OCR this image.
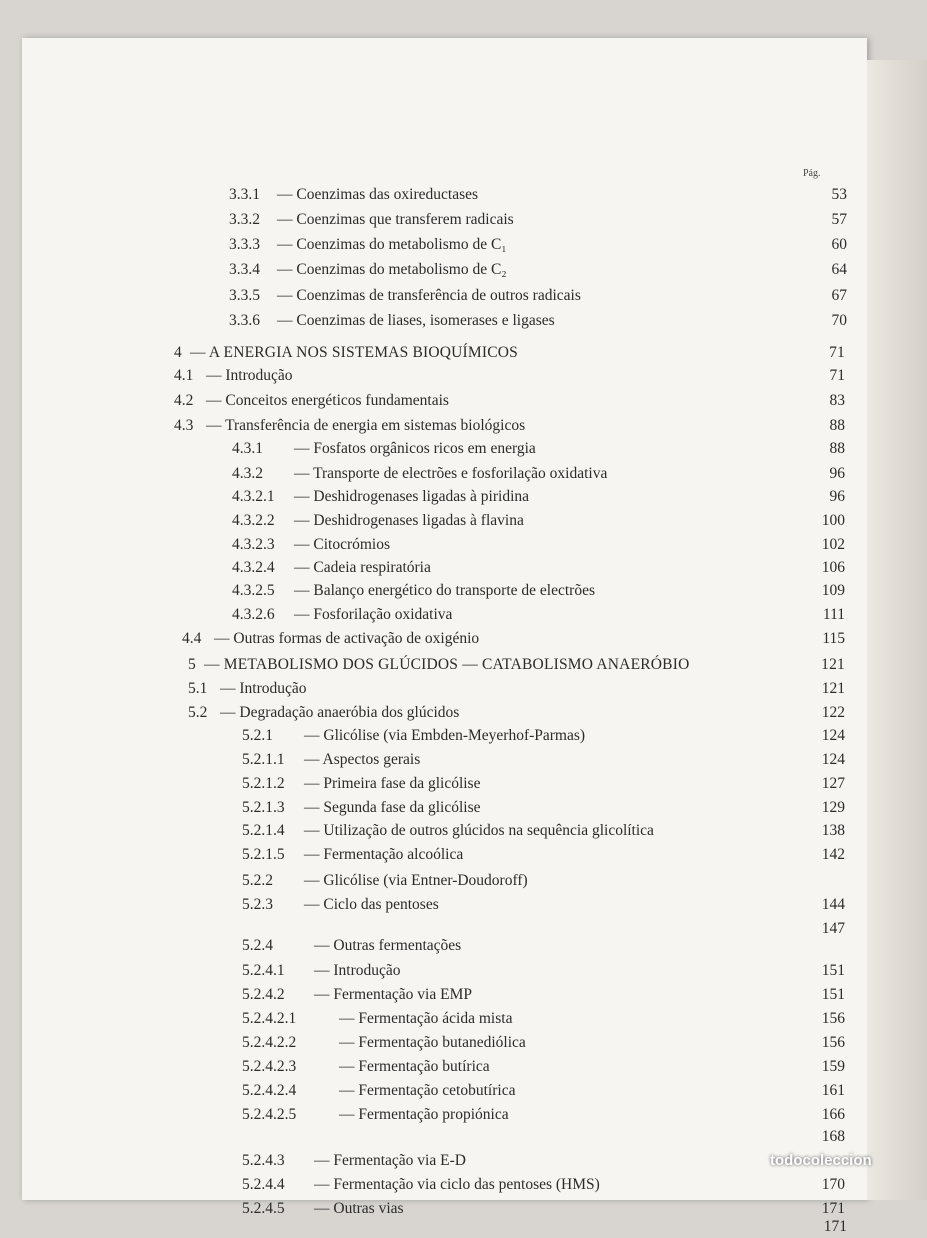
Pág.
3.3.1 — Coenzimas das oxireductases	53
3.3.2 — Coenzimas que transferem radicais	57
3.3.3 — Coenzimas do metabolismo de C₁	60
3.3.4 — Coenzimas do metabolismo de C₂	64
3.3.5 — Coenzimas de transferência de outros radicais	67
3.3.6 — Coenzimas de liases, isomerases e ligases	70
4 — A ENERGIA NOS SISTEMAS BIOQUÍMICOS	71
4.1 — Introdução	71
4.2 — Conceitos energéticos fundamentais	83
4.3 — Transferência de energia em sistemas biológicos	88
4.3.1 — Fosfatos orgânicos ricos em energia	88
4.3.2 — Transporte de electrões e fosforilação oxidativa	96
4.3.2.1 — Deshidrogenases ligadas à piridina	96
4.3.2.2 — Deshidrogenases ligadas à flavina	100
4.3.2.3 — Citocrómios	102
4.3.2.4 — Cadeia respiratória	106
4.3.2.5 — Balanço energético do transporte de electrões	109
4.3.2.6 — Fosforilação oxidativa	111
4.4 — Outras formas de activação de oxigénio	115
5 — METABOLISMO DOS GLÚCIDOS — CATABOLISMO ANAERÓBIO	121
5.1 — Introdução	121
5.2 — Degradação anaeróbia dos glúcidos	122
5.2.1 — Glicólise (via Embden-Meyerhof-Parmas)	124
5.2.1.1 — Aspectos gerais	124
5.2.1.2 — Primeira fase da glicólise	127
5.2.1.3 — Segunda fase da glicólise	129
5.2.1.4 — Utilização de outros glúcidos na sequência glicolítica	138
5.2.1.5 — Fermentação alcoólica	142
5.2.2 — Glicólise (via Entner-Doudoroff)
5.2.3 — Ciclo das pentoses	144
147
5.2.4	— Outras fermentações
5.2.4.1 — Introdução	151
5.2.4.2 — Fermentação via EMP	151
5.2.4.2.1	— Fermentação ácida mista	156
5.2.4.2.2	— Fermentação butanediólica	156
5.2.4.2.3	— Fermentação butírica	159
5.2.4.2.4	— Fermentação cetobutírica	161
5.2.4.2.5	— Fermentação propiónica	166
168
5.2.4.3 — Fermentação via E-D
5.2.4.4 — Fermentação via ciclo das pentoses (HMS)	170
5.2.4.5 — Outras vias	171
171
todocoleccion
